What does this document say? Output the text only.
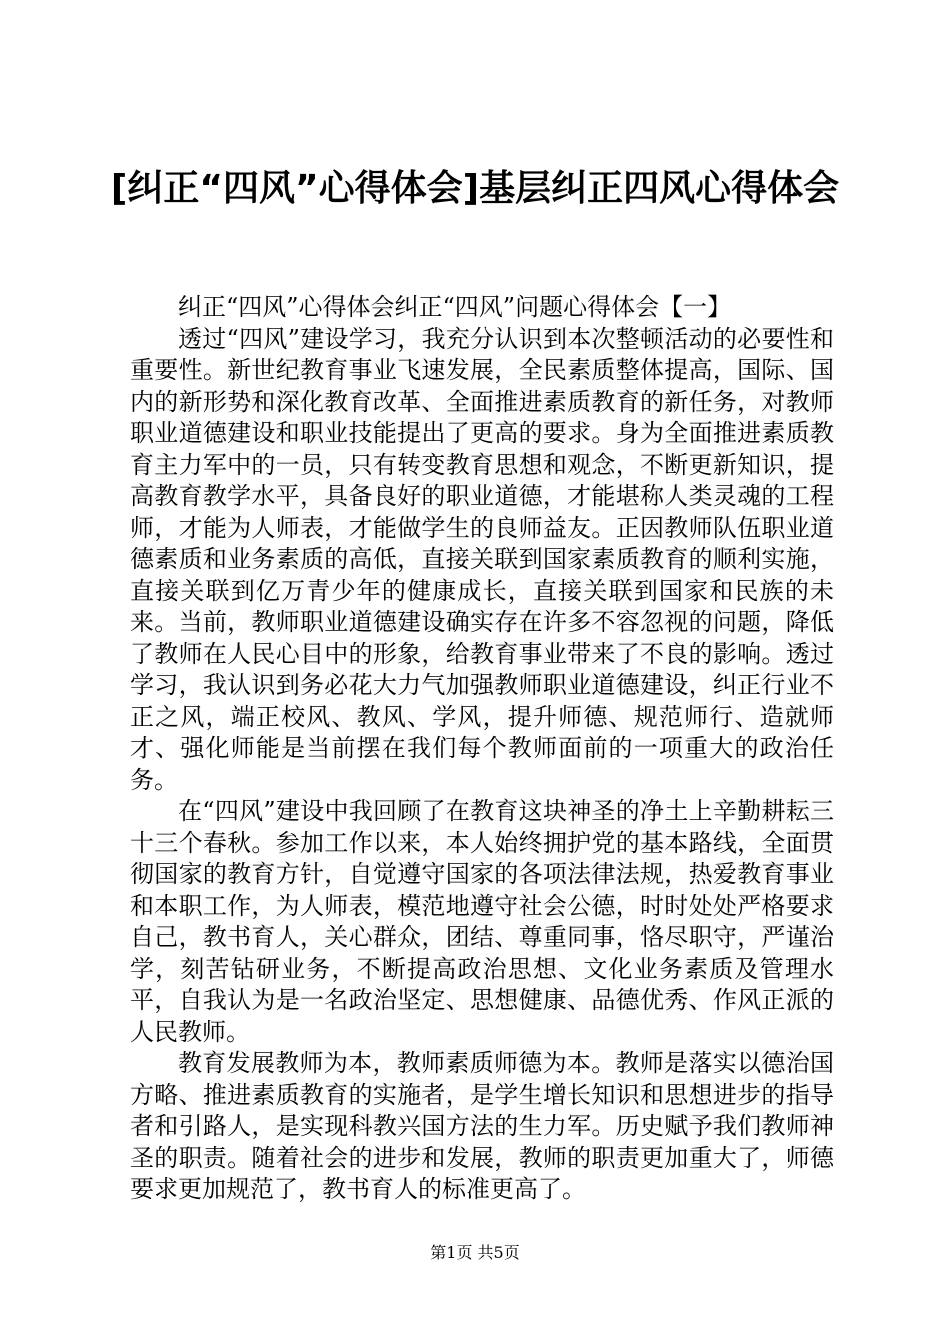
[纠正“四风”心得体会]基层纠正四风心得体会

纠正“四风”心得体会纠正“四风”问题心得体会【一】

透过“四风”建设学习，我充分认识到本次整顿活动的必要性和重要性。新世纪教育事业飞速发展，全民素质整体提高，国际、国内的新形势和深化教育改革、全面推进素质教育的新任务，对教师职业道德建设和职业技能提出了更高的要求。身为全面推进素质教育主力军中的一员，只有转变教育思想和观念，不断更新知识，提高教育教学水平，具备良好的职业道德，才能堪称人类灵魂的工程师，才能为人师表，才能做学生的良师益友。正因教师队伍职业道德素质和业务素质的高低，直接关联到国家素质教育的顺利实施，直接关联到亿万青少年的健康成长，直接关联到国家和民族的未来。当前，教师职业道德建设确实存在许多不容忽视的问题，降低了教师在人民心目中的形象，给教育事业带来了不良的影响。透过学习，我认识到务必花大力气加强教师职业道德建设，纠正行业不正之风，端正校风、教风、学风，提升师德、规范师行、造就师才、强化师能是当前摆在我们每个教师面前的一项重大的政治任务。

在“四风”建设中我回顾了在教育这块神圣的净土上辛勤耕耘三十三个春秋。参加工作以来，本人始终拥护党的基本路线，全面贯彻国家的教育方针，自觉遵守国家的各项法律法规，热爱教育事业和本职工作，为人师表，模范地遵守社会公德，时时处处严格要求自己，教书育人，关心群众，团结、尊重同事，恪尽职守，严谨治学，刻苦钻研业务，不断提高政治思想、文化业务素质及管理水平，自我认为是一名政治坚定、思想健康、品德优秀、作风正派的人民教师。

教育发展教师为本，教师素质师德为本。教师是落实以德治国方略、推进素质教育的实施者，是学生增长知识和思想进步的指导者和引路人，是实现科教兴国方法的生力军。历史赋予我们教师神圣的职责。随着社会的进步和发展，教师的职责更加重大了，师德要求更加规范了，教书育人的标准更高了。

第1页 共5页
